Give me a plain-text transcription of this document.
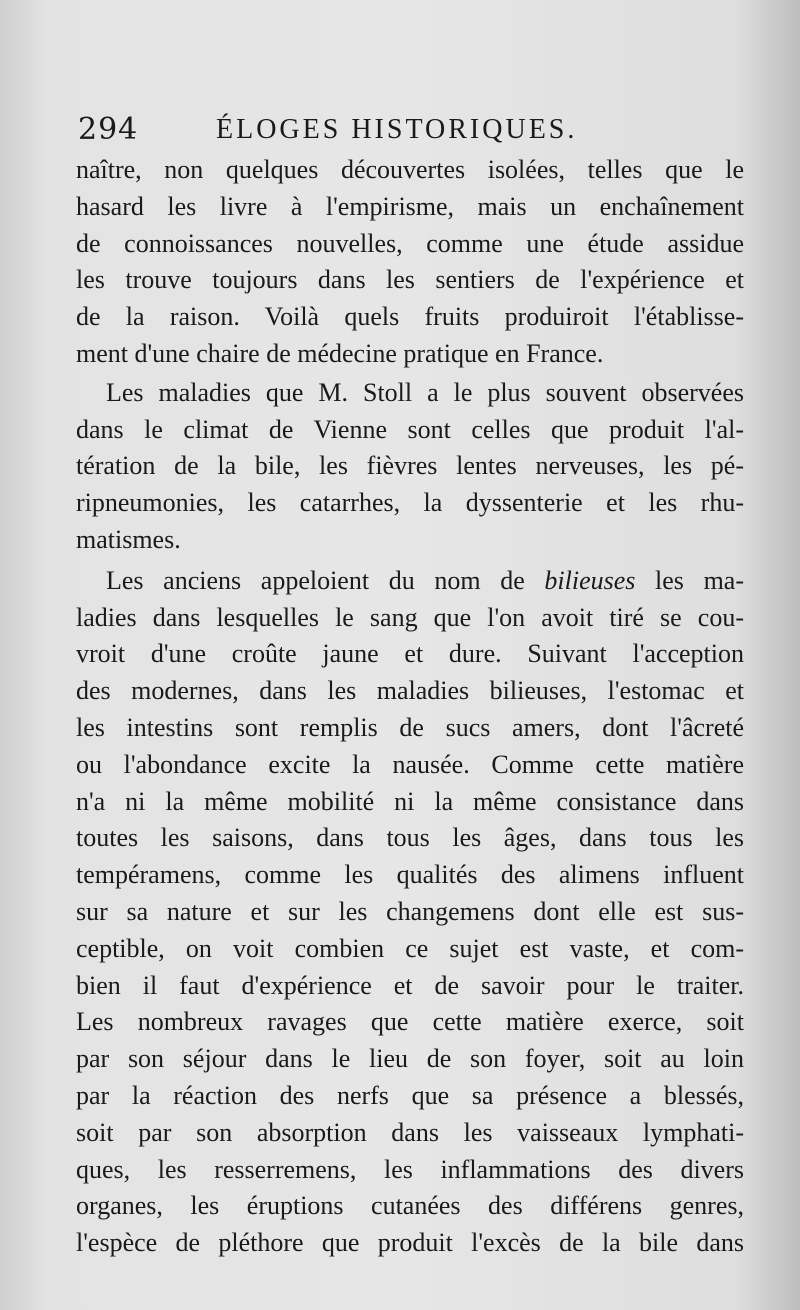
294	ÉLOGES HISTORIQUES.
naître, non quelques découvertes isolées, telles que le
hasard les livre à l'empirisme, mais un enchaînement
de connoissances nouvelles, comme une étude assidue
les trouve toujours dans les sentiers de l'expérience et
de la raison. Voilà quels fruits produiroit l'établisse-
ment d'une chaire de médecine pratique en France.
Les maladies que M. Stoll a le plus souvent observées
dans le climat de Vienne sont celles que produit l'al-
tération de la bile, les fièvres lentes nerveuses, les pé-
ripneumonies, les catarrhes, la dyssenterie et les rhu-
matismes.
Les anciens appeloient du nom de bilieuses les ma-
ladies dans lesquelles le sang que l'on avoit tiré se cou-
vroit d'une croûte jaune et dure. Suivant l'acception
des modernes, dans les maladies bilieuses, l'estomac et
les intestins sont remplis de sucs amers, dont l'âcreté
ou l'abondance excite la nausée. Comme cette matière
n'a ni la même mobilité ni la même consistance dans
toutes les saisons, dans tous les âges, dans tous les
tempéramens, comme les qualités des alimens influent
sur sa nature et sur les changemens dont elle est sus-
ceptible, on voit combien ce sujet est vaste, et com-
bien il faut d'expérience et de savoir pour le traiter.
Les nombreux ravages que cette matière exerce, soit
par son séjour dans le lieu de son foyer, soit au loin
par la réaction des nerfs que sa présence a blessés,
soit par son absorption dans les vaisseaux lymphati-
ques, les resserremens, les inflammations des divers
organes, les éruptions cutanées des différens genres,
l'espèce de pléthore que produit l'excès de la bile dans
